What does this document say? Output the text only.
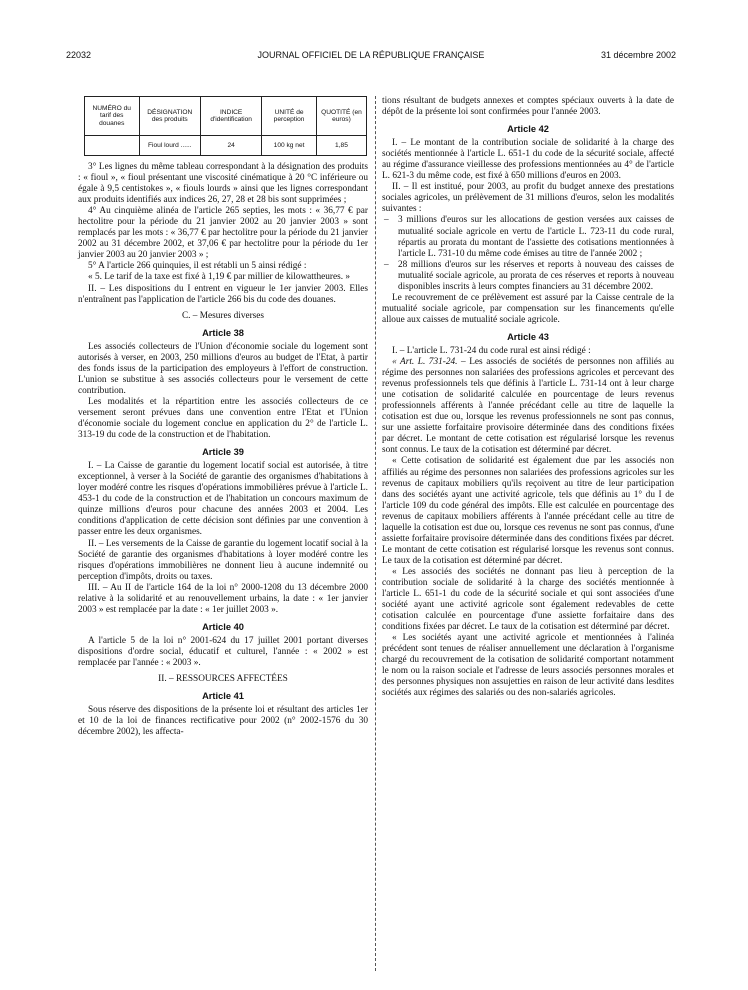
22032	JOURNAL OFFICIEL DE LA RÉPUBLIQUE FRANÇAISE	31 décembre 2002
NUMÉRO du tarif des douanes	DÉSIGNATION des produits	INDICE d'identification	UNITÉ de perception	QUOTITÉ (en euros)
	Fioul lourd ......	24	100 kg net	1,85

3° Les lignes du même tableau correspondant à la désignation des produits : « fioul », « fioul présentant une viscosité cinématique à 20 °C inférieure ou égale à 9,5 centistokes », « fiouls lourds » ainsi que les lignes correspondant aux produits identifiés aux indices 26, 27, 28 et 28 bis sont supprimées ;

4° Au cinquième alinéa de l'article 265 septies, les mots : « 36,77 € par hectolitre pour la période du 21 janvier 2002 au 20 janvier 2003 » sont remplacés par les mots : « 36,77 € par hectolitre pour la période du 21 janvier 2002 au 31 décembre 2002, et 37,06 € par hectolitre pour la période du 1er janvier 2003 au 20 janvier 2003 » ;

5° A l'article 266 quinquies, il est rétabli un 5 ainsi rédigé :

« 5. Le tarif de la taxe est fixé à 1,19 € par millier de kilowattheures. »

II. – Les dispositions du I entrent en vigueur le 1er janvier 2003. Elles n'entraînent pas l'application de l'article 266 bis du code des douanes.

C. – Mesures diverses

Article 38

Les associés collecteurs de l'Union d'économie sociale du logement sont autorisés à verser, en 2003, 250 millions d'euros au budget de l'Etat, à partir des fonds issus de la participation des employeurs à l'effort de construction. L'union se substitue à ses associés collecteurs pour le versement de cette contribution.

Les modalités et la répartition entre les associés collecteurs de ce versement seront prévues dans une convention entre l'Etat et l'Union d'économie sociale du logement conclue en application du 2° de l'article L. 313-19 du code de la construction et de l'habitation.

Article 39

I. – La Caisse de garantie du logement locatif social est autorisée, à titre exceptionnel, à verser à la Société de garantie des organismes d'habitations à loyer modéré contre les risques d'opérations immobilières prévue à l'article L. 453-1 du code de la construction et de l'habitation un concours maximum de quinze millions d'euros pour chacune des années 2003 et 2004. Les conditions d'application de cette décision sont définies par une convention à passer entre les deux organismes.

II. – Les versements de la Caisse de garantie du logement locatif social à la Société de garantie des organismes d'habitations à loyer modéré contre les risques d'opérations immobilières ne donnent lieu à aucune indemnité ou perception d'impôts, droits ou taxes.

III. – Au II de l'article 164 de la loi n° 2000-1208 du 13 décembre 2000 relative à la solidarité et au renouvellement urbains, la date : « 1er janvier 2003 » est remplacée par la date : « 1er juillet 2003 ».

Article 40

A l'article 5 de la loi n° 2001-624 du 17 juillet 2001 portant diverses dispositions d'ordre social, éducatif et culturel, l'année : « 2002 » est remplacée par l'année : « 2003 ».

II. – RESSOURCES AFFECTÉES

Article 41

Sous réserve des dispositions de la présente loi et résultant des articles 1er et 10 de la loi de finances rectificative pour 2002 (n° 2002-1576 du 30 décembre 2002), les affecta-

tions résultant de budgets annexes et comptes spéciaux ouverts à la date de dépôt de la présente loi sont confirmées pour l'année 2003.

Article 42

I. – Le montant de la contribution sociale de solidarité à la charge des sociétés mentionnée à l'article L. 651-1 du code de la sécurité sociale, affecté au régime d'assurance vieillesse des professions mentionnées au 4° de l'article L. 621-3 du même code, est fixé à 650 millions d'euros en 2003.

II. – Il est institué, pour 2003, au profit du budget annexe des prestations sociales agricoles, un prélèvement de 31 millions d'euros, selon les modalités suivantes :

– 3 millions d'euros sur les allocations de gestion versées aux caisses de mutualité sociale agricole en vertu de l'article L. 723-11 du code rural, répartis au prorata du montant de l'assiette des cotisations mentionnées à l'article L. 731-10 du même code émises au titre de l'année 2002 ;
– 28 millions d'euros sur les réserves et reports à nouveau des caisses de mutualité sociale agricole, au prorata de ces réserves et reports à nouveau disponibles inscrits à leurs comptes financiers au 31 décembre 2002.

Le recouvrement de ce prélèvement est assuré par la Caisse centrale de la mutualité sociale agricole, par compensation sur les financements qu'elle alloue aux caisses de mutualité sociale agricole.

Article 43

I. – L'article L. 731-24 du code rural est ainsi rédigé :

« Art. L. 731-24. – Les associés de sociétés de personnes non affiliés au régime des personnes non salariées des professions agricoles et percevant des revenus professionnels tels que définis à l'article L. 731-14 ont à leur charge une cotisation de solidarité calculée en pourcentage de leurs revenus professionnels afférents à l'année précédant celle au titre de laquelle la cotisation est due ou, lorsque les revenus professionnels ne sont pas connus, sur une assiette forfaitaire provisoire déterminée dans des conditions fixées par décret. Le montant de cette cotisation est régularisé lorsque les revenus sont connus. Le taux de la cotisation est déterminé par décret.

« Cette cotisation de solidarité est également due par les associés non affiliés au régime des personnes non salariées des professions agricoles sur les revenus de capitaux mobiliers qu'ils reçoivent au titre de leur participation dans des sociétés ayant une activité agricole, tels que définis au 1° du I de l'article 109 du code général des impôts. Elle est calculée en pourcentage des revenus de capitaux mobiliers afférents à l'année précédant celle au titre de laquelle la cotisation est due ou, lorsque ces revenus ne sont pas connus, d'une assiette forfaitaire provisoire déterminée dans des conditions fixées par décret. Le montant de cette cotisation est régularisé lorsque les revenus sont connus. Le taux de la cotisation est déterminé par décret.

« Les associés des sociétés ne donnant pas lieu à perception de la contribution sociale de solidarité à la charge des sociétés mentionnée à l'article L. 651-1 du code de la sécurité sociale et qui sont associées d'une société ayant une activité agricole sont également redevables de cette cotisation calculée en pourcentage d'une assiette forfaitaire dans des conditions fixées par décret. Le taux de la cotisation est déterminé par décret.

« Les sociétés ayant une activité agricole et mentionnées à l'alinéa précédent sont tenues de réaliser annuellement une déclaration à l'organisme chargé du recouvrement de la cotisation de solidarité comportant notamment le nom ou la raison sociale et l'adresse de leurs associés personnes morales et des personnes physiques non assujetties en raison de leur activité dans lesdites sociétés aux régimes des salariés ou des non-salariés agricoles.
